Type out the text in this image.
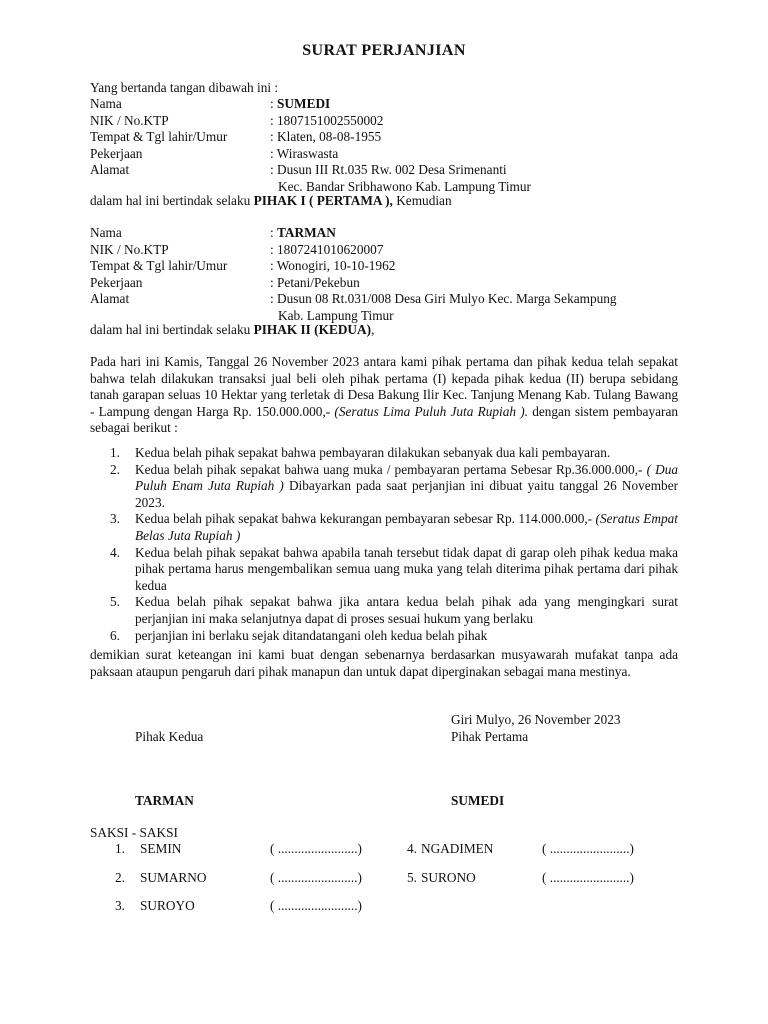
SURAT PERJANJIAN
Yang bertanda tangan dibawah ini :
Nama	: SUMEDI
NIK / No.KTP	: 1807151002550002
Tempat & Tgl lahir/Umur	: Klaten, 08-08-1955
Pekerjaan	: Wiraswasta
Alamat	: Dusun III Rt.035 Rw. 002 Desa Srimenanti
Kec. Bandar Sribhawono Kab. Lampung Timur
dalam hal ini bertindak selaku PIHAK I ( PERTAMA ), Kemudian
Nama	: TARMAN
NIK / No.KTP	: 1807241010620007
Tempat & Tgl lahir/Umur	: Wonogiri, 10-10-1962
Pekerjaan	: Petani/Pekebun
Alamat	: Dusun 08 Rt.031/008 Desa Giri Mulyo Kec. Marga Sekampung
Kab. Lampung Timur
dalam hal ini bertindak selaku PIHAK II (KEDUA),
Pada hari ini Kamis, Tanggal 26 November 2023 antara kami pihak pertama dan pihak kedua telah sepakat bahwa telah dilakukan transaksi jual beli oleh pihak pertama (I) kepada pihak kedua (II) berupa sebidang tanah garapan seluas 10 Hektar yang terletak di Desa Bakung Ilir Kec. Tanjung Menang Kab. Tulang Bawang - Lampung dengan Harga Rp. 150.000.000,- (Seratus Lima Puluh Juta Rupiah ). dengan sistem pembayaran sebagai berikut :
1. Kedua belah pihak sepakat bahwa pembayaran dilakukan sebanyak dua kali pembayaran.
2. Kedua belah pihak sepakat bahwa uang muka / pembayaran pertama Sebesar Rp.36.000.000,- ( Dua Puluh Enam Juta Rupiah ) Dibayarkan pada saat perjanjian ini dibuat yaitu tanggal 26 November 2023.
3. Kedua belah pihak sepakat bahwa kekurangan pembayaran sebesar Rp. 114.000.000,- (Seratus Empat Belas Juta Rupiah )
4. Kedua belah pihak sepakat bahwa apabila tanah tersebut tidak dapat di garap oleh pihak kedua maka pihak pertama harus mengembalikan semua uang muka yang telah diterima pihak pertama dari pihak kedua
5. Kedua belah pihak sepakat bahwa jika antara kedua belah pihak ada yang mengingkari surat perjanjian ini maka selanjutnya dapat di proses sesuai hukum yang berlaku
6. perjanjian ini berlaku sejak ditandatangani oleh kedua belah pihak
demikian surat keteangan ini kami buat dengan sebenarnya berdasarkan musyawarah mufakat tanpa ada paksaan ataupun pengaruh dari pihak manapun dan untuk dapat diperginakan sebagai mana mestinya.
Giri Mulyo, 26 November 2023
Pihak Kedua	Pihak Pertama
TARMAN	SUMEDI
SAKSI - SAKSI
1. SEMIN	( ........................)
2. SUMARNO	( ........................)
3. SUROYO	( ........................)
4. NGADIMEN	( ........................)
5. SURONO	( ........................)
